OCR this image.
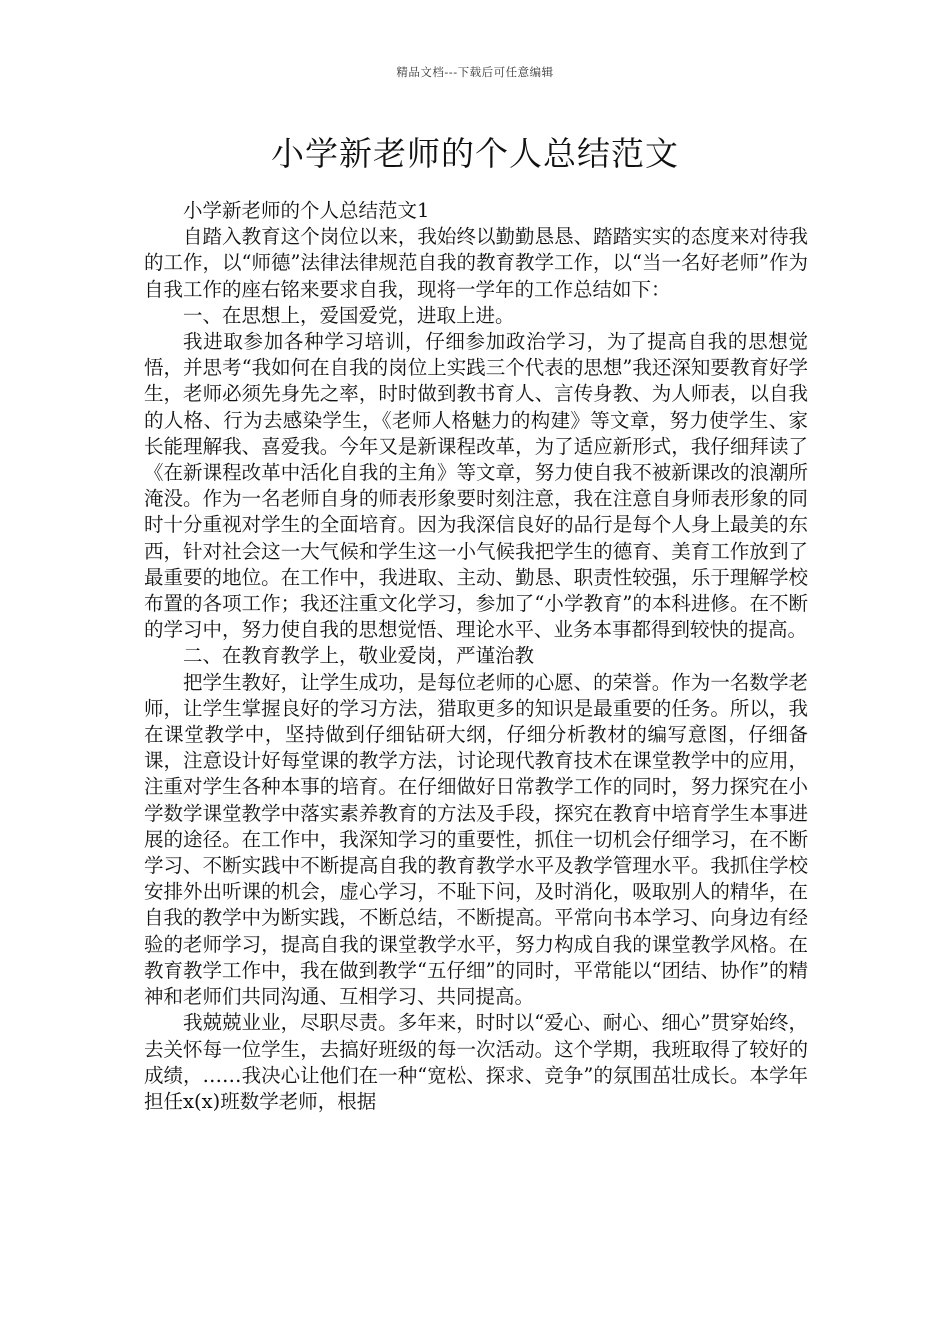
精品文档---下载后可任意编辑
小学新老师的个人总结范文

小学新老师的个人总结范文1

自踏入教育这个岗位以来，我始终以勤勤恳恳、踏踏实实的态度来对待我的工作，以“师德”法律法律规范自我的教育教学工作，以“当一名好老师”作为自我工作的座右铭来要求自我，现将一学年的工作总结如下：

一、在思想上，爱国爱党，进取上进。

我进取参加各种学习培训，仔细参加政治学习，为了提高自我的思想觉悟，并思考“我如何在自我的岗位上实践三个代表的思想”我还深知要教育好学生，老师必须先身先之率，时时做到教书育人、言传身教、为人师表，以自我的人格、行为去感染学生，《老师人格魅力的构建》等文章，努力使学生、家长能理解我、喜爱我。今年又是新课程改革，为了适应新形式，我仔细拜读了《在新课程改革中活化自我的主角》等文章，努力使自我不被新课改的浪潮所淹没。作为一名老师自身的师表形象要时刻注意，我在注意自身师表形象的同时十分重视对学生的全面培育。因为我深信良好的品行是每个人身上最美的东西，针对社会这一大气候和学生这一小气候我把学生的德育、美育工作放到了最重要的地位。在工作中，我进取、主动、勤恳、职责性较强，乐于理解学校布置的各项工作；我还注重文化学习，参加了“小学教育”的本科进修。在不断的学习中，努力使自我的思想觉悟、理论水平、业务本事都得到较快的提高。

二、在教育教学上，敬业爱岗，严谨治教

把学生教好，让学生成功，是每位老师的心愿、的荣誉。作为一名数学老师，让学生掌握良好的学习方法，猎取更多的知识是最重要的任务。所以，我在课堂教学中，坚持做到仔细钻研大纲，仔细分析教材的编写意图，仔细备课，注意设计好每堂课的教学方法，讨论现代教育技术在课堂教学中的应用，注重对学生各种本事的培育。在仔细做好日常教学工作的同时，努力探究在小学数学课堂教学中落实素养教育的方法及手段，探究在教育中培育学生本事进展的途径。在工作中，我深知学习的重要性，抓住一切机会仔细学习，在不断学习、不断实践中不断提高自我的教育教学水平及教学管理水平。我抓住学校安排外出听课的机会，虚心学习，不耻下问，及时消化，吸取别人的精华，在自我的教学中为断实践，不断总结，不断提高。平常向书本学习、向身边有经验的老师学习，提高自我的课堂教学水平，努力构成自我的课堂教学风格。在教育教学工作中，我在做到教学“五仔细”的同时，平常能以“团结、协作”的精神和老师们共同沟通、互相学习、共同提高。

我兢兢业业，尽职尽责。多年来，时时以“爱心、耐心、细心”贯穿始终，去关怀每一位学生，去搞好班级的每一次活动。这个学期，我班取得了较好的成绩，……我决心让他们在一种“宽松、探求、竞争”的氛围茁壮成长。本学年担任x(x)班数学老师，根据
